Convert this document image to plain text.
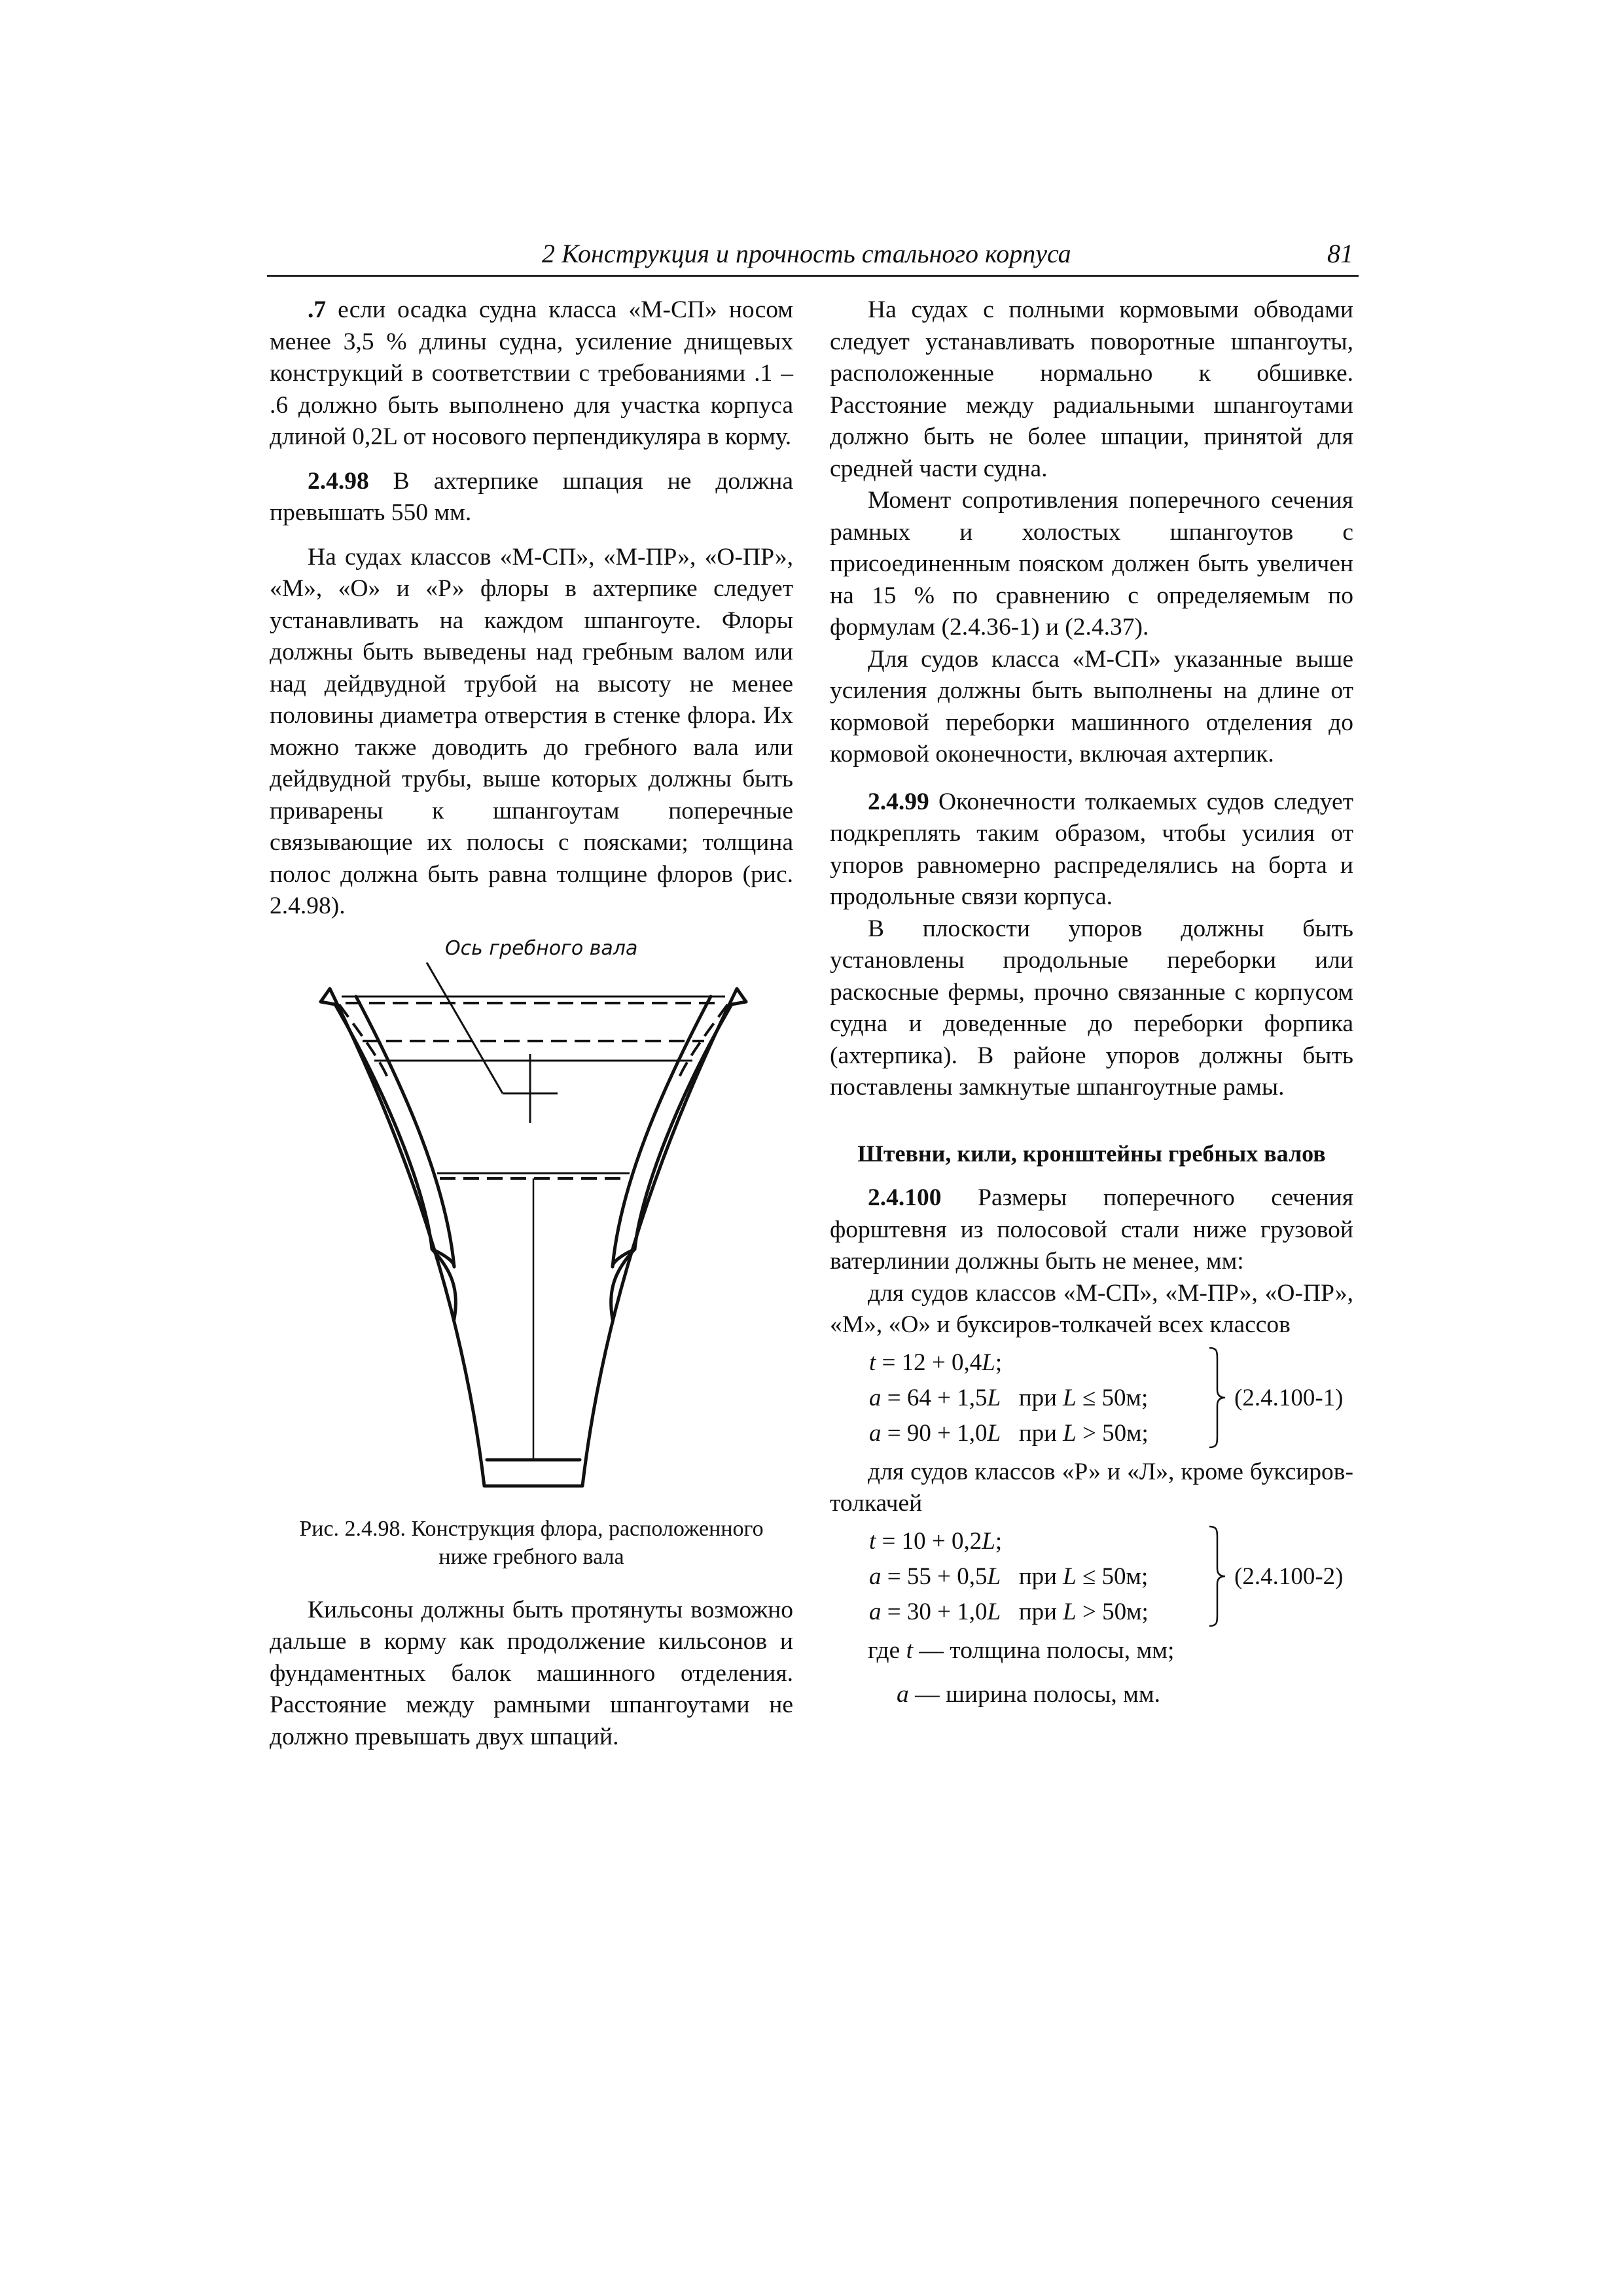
2 Конструкция и прочность стального корпуса	81

.7 если осадка судна класса «М-СП» носом менее 3,5 % длины судна, усиление днищевых конструкций в соответствии с требованиями .1 – .6 должно быть выполнено для участка корпуса длиной 0,2L от носового перпендикуляра в корму.

2.4.98 В ахтерпике шпация не должна превышать 550 мм.

На судах классов «М-СП», «М-ПР», «О-ПР», «М», «О» и «Р» флоры в ахтерпике следует устанавливать на каждом шпангоуте. Флоры должны быть выведены над гребным валом или над дейдвудной трубой на высоту не менее половины диаметра отверстия в стенке флора. Их можно также доводить до гребного вала или дейдвудной трубы, выше которых должны быть приварены к шпангоутам поперечные связывающие их полосы с поясками; толщина полос должна быть равна толщине флоров (рис. 2.4.98).

Ось гребного вала
Рис. 2.4.98. Конструкция флора, расположенного ниже гребного вала

Кильсоны должны быть протянуты возможно дальше в корму как продолжение кильсонов и фундаментных балок машинного отделения. Расстояние между рамными шпангоутами не должно превышать двух шпаций.

На судах с полными кормовыми обводами следует устанавливать поворотные шпангоуты, расположенные нормально к обшивке. Расстояние между радиальными шпангоутами должно быть не более шпации, принятой для средней части судна.

Момент сопротивления поперечного сечения рамных и холостых шпангоутов с присоединенным пояском должен быть увеличен на 15 % по сравнению с определяемым по формулам (2.4.36-1) и (2.4.37).

Для судов класса «М-СП» указанные выше усиления должны быть выполнены на длине от кормовой переборки машинного отделения до кормовой оконечности, включая ахтерпик.

2.4.99 Оконечности толкаемых судов следует подкреплять таким образом, чтобы усилия от упоров равномерно распределялись на борта и продольные связи корпуса.

В плоскости упоров должны быть установлены продольные переборки или раскосные фермы, прочно связанные с корпусом судна и доведенные до переборки форпика (ахтерпика). В районе упоров должны быть поставлены замкнутые шпангоутные рамы.

Штевни, кили, кронштейны гребных валов

2.4.100 Размеры поперечного сечения форштевня из полосовой стали ниже грузовой ватерлинии должны быть не менее, мм:

для судов классов «М-СП», «М-ПР», «О-ПР», «М», «О» и буксиров-толкачей всех классов

t = 12 + 0,4L;
a = 64 + 1,5L   при L ≤ 50м;
a = 90 + 1,0L   при L > 50м;
(2.4.100-1)

для судов классов «Р» и «Л», кроме буксиров-толкачей

t = 10 + 0,2L;
a = 55 + 0,5L   при L ≤ 50м;
a = 30 + 1,0L   при L > 50м;
(2.4.100-2)

где t — толщина полосы, мм;

a — ширина полосы, мм.
